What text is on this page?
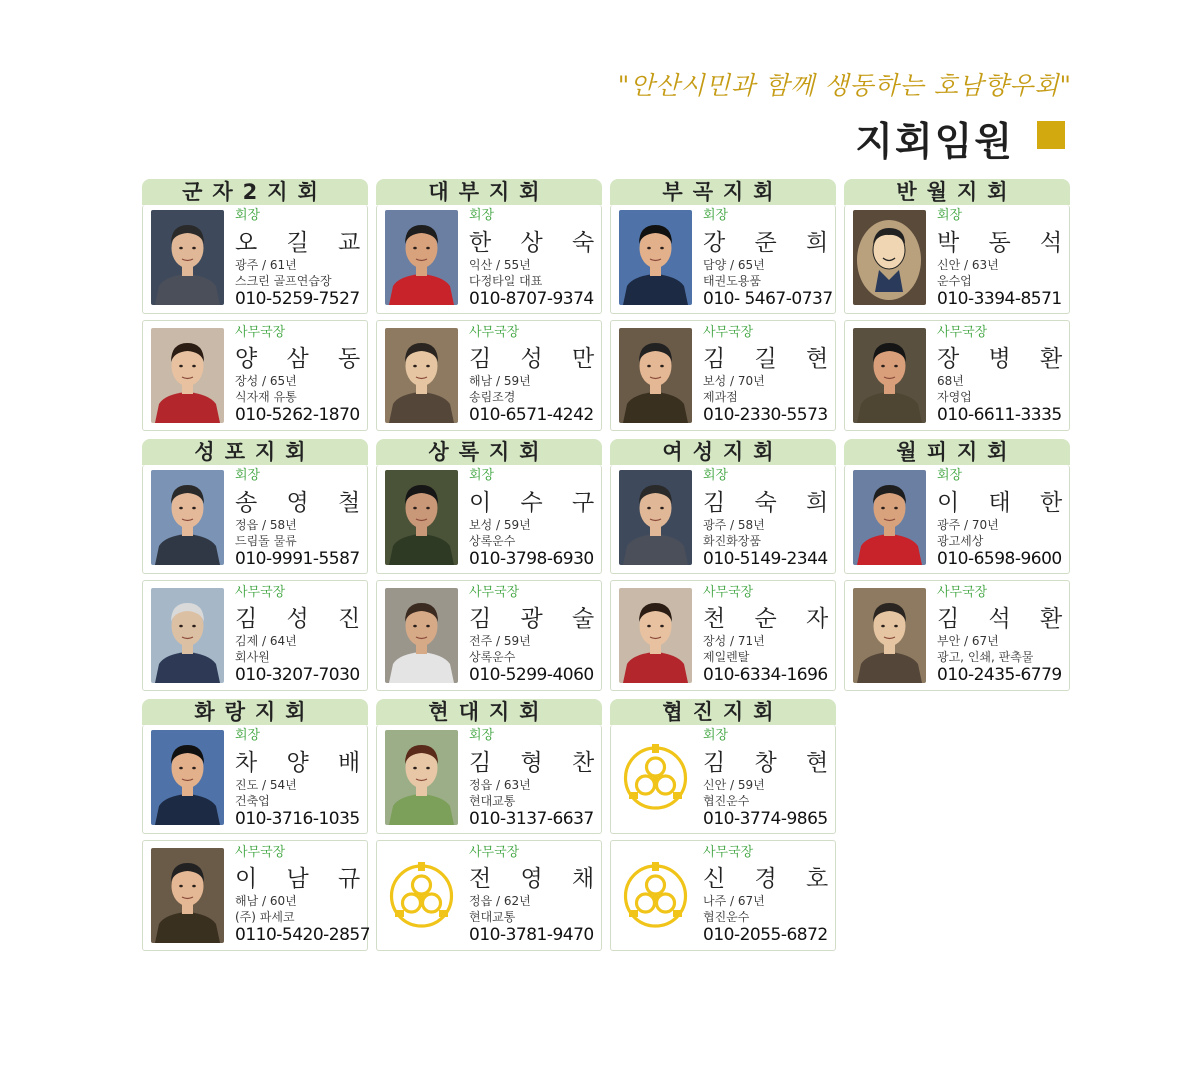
"안산시민과 함께 생동하는 호남향우회"
지회임원
군자2지회
회장
오 길 교
광주 / 61년
스크린 골프연습장
010-5259-7527
사무국장
양 삼 동
장성 / 65년
식자재 유통
010-5262-1870
대부지회
회장
한 상 숙
익산 / 55년
다정타일 대표
010-8707-9374
사무국장
김 성 만
해남 / 59년
송림조경
010-6571-4242
부곡지회
회장
강 준 희
담양 / 65년
태권도용품
010- 5467-0737
사무국장
김 길 현
보성 / 70년
제과점
010-2330-5573
반월지회
회장
박 동 석
신안 / 63년
운수업
010-3394-8571
사무국장
장 병 환
68년
자영업
010-6611-3335
성포지회
회장
송 영 철
정읍 / 58년
드림돌 물류
010-9991-5587
사무국장
김 성 진
김제 / 64년
회사원
010-3207-7030
상록지회
회장
이 수 구
보성 / 59년
상록운수
010-3798-6930
사무국장
김 광 술
전주 / 59년
상록운수
010-5299-4060
여성지회
회장
김 숙 희
광주 / 58년
화진화장품
010-5149-2344
사무국장
천 순 자
장성 / 71년
제일렌탈
010-6334-1696
월피지회
회장
이 태 한
광주 / 70년
광고세상
010-6598-9600
사무국장
김 석 환
부안 / 67년
광고, 인쇄, 판촉물
010-2435-6779
화랑지회
회장
차 양 배
진도 / 54년
건축업
010-3716-1035
사무국장
이 남 규
해남 / 60년
(주) 파세코
0110-5420-2857
현대지회
회장
김 형 찬
정읍 / 63년
현대교통
010-3137-6637
사무국장
전 영 채
정읍 / 62년
현대교통
010-3781-9470
협진지회
회장
김 창 현
신안 / 59년
협진운수
010-3774-9865
사무국장
신 경 호
나주 / 67년
협진운수
010-2055-6872
